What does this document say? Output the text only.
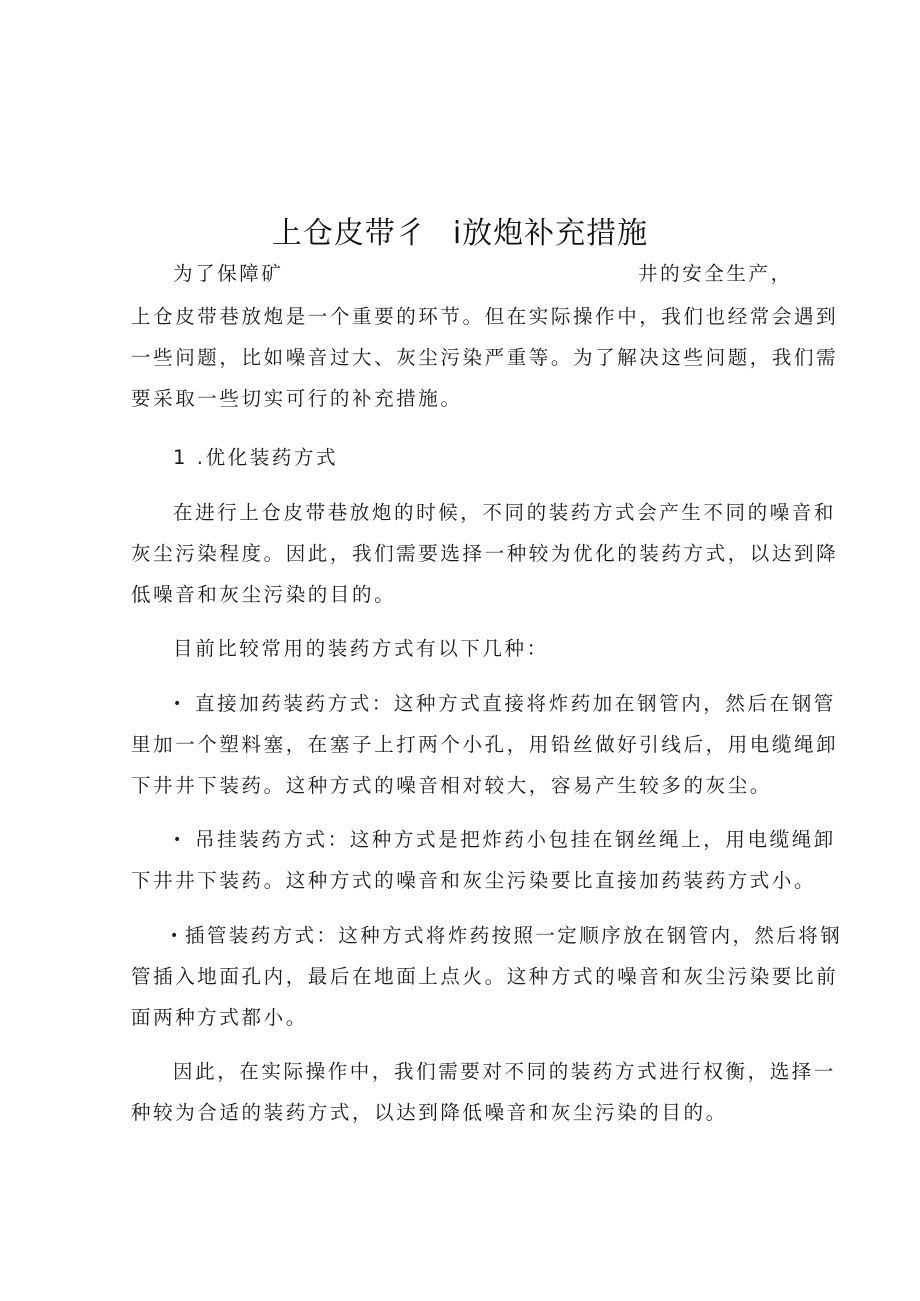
上仓皮带彳 i放炮补充措施
为了保障矿	井的安全生产，
上仓皮带巷放炮是一个重要的环节。但在实际操作中，我们也经常会遇到
一些问题，比如噪音过大、灰尘污染严重等。为了解决这些问题，我们需
要采取一些切实可行的补充措施。
1 .优化装药方式
在进行上仓皮带巷放炮的时候，不同的装药方式会产生不同的噪音和
灰尘污染程度。因此，我们需要选择一种较为优化的装药方式，以达到降
低噪音和灰尘污染的目的。
目前比较常用的装药方式有以下几种：
• 直接加药装药方式：这种方式直接将炸药加在钢管内，然后在钢管
里加一个塑料塞，在塞子上打两个小孔，用铅丝做好引线后，用电缆绳卸
下井井下装药。这种方式的噪音相对较大，容易产生较多的灰尘。
• 吊挂装药方式：这种方式是把炸药小包挂在钢丝绳上，用电缆绳卸
下井井下装药。这种方式的噪音和灰尘污染要比直接加药装药方式小。
• 插管装药方式：这种方式将炸药按照一定顺序放在钢管内，然后将钢
管插入地面孔内，最后在地面上点火。这种方式的噪音和灰尘污染要比前
面两种方式都小。
因此，在实际操作中，我们需要对不同的装药方式进行权衡，选择一
种较为合适的装药方式，以达到降低噪音和灰尘污染的目的。
